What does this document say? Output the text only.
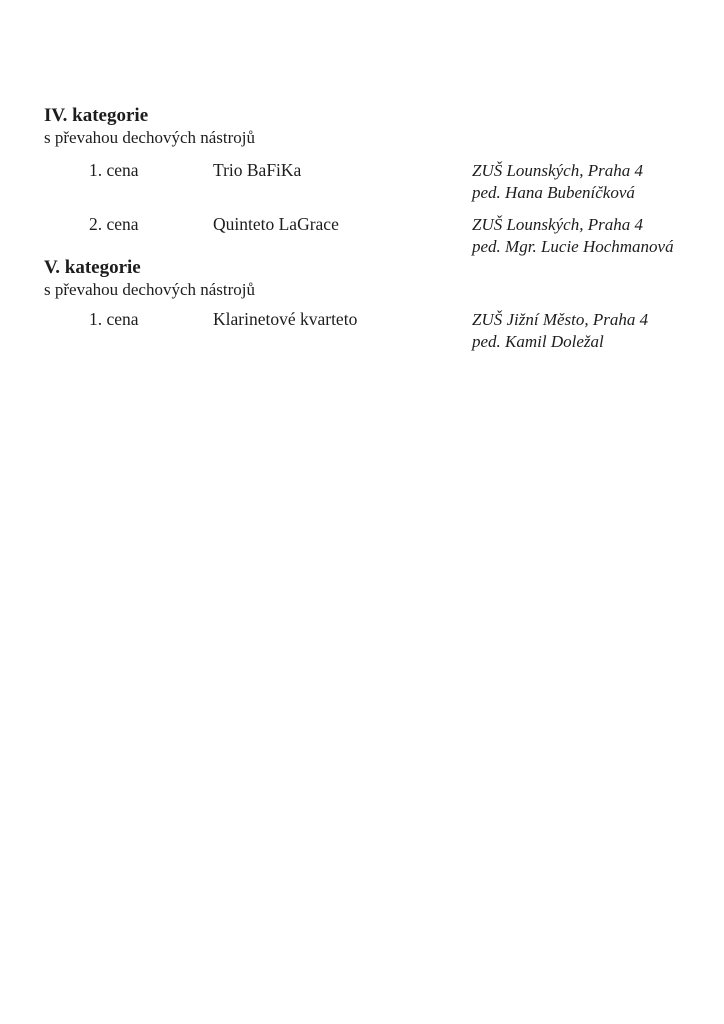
IV. kategorie
s převahou dechových nástrojů
1. cena	Trio BaFiKa	ZUŠ Lounských, Praha 4
ped. Hana Bubeníčková
2. cena	Quinteto LaGrace	ZUŠ Lounských, Praha 4
ped. Mgr. Lucie Hochmanová
V. kategorie
s převahou dechových nástrojů
1. cena	Klarinetové kvarteto	ZUŠ Jižní Město, Praha 4
ped. Kamil Doležal
